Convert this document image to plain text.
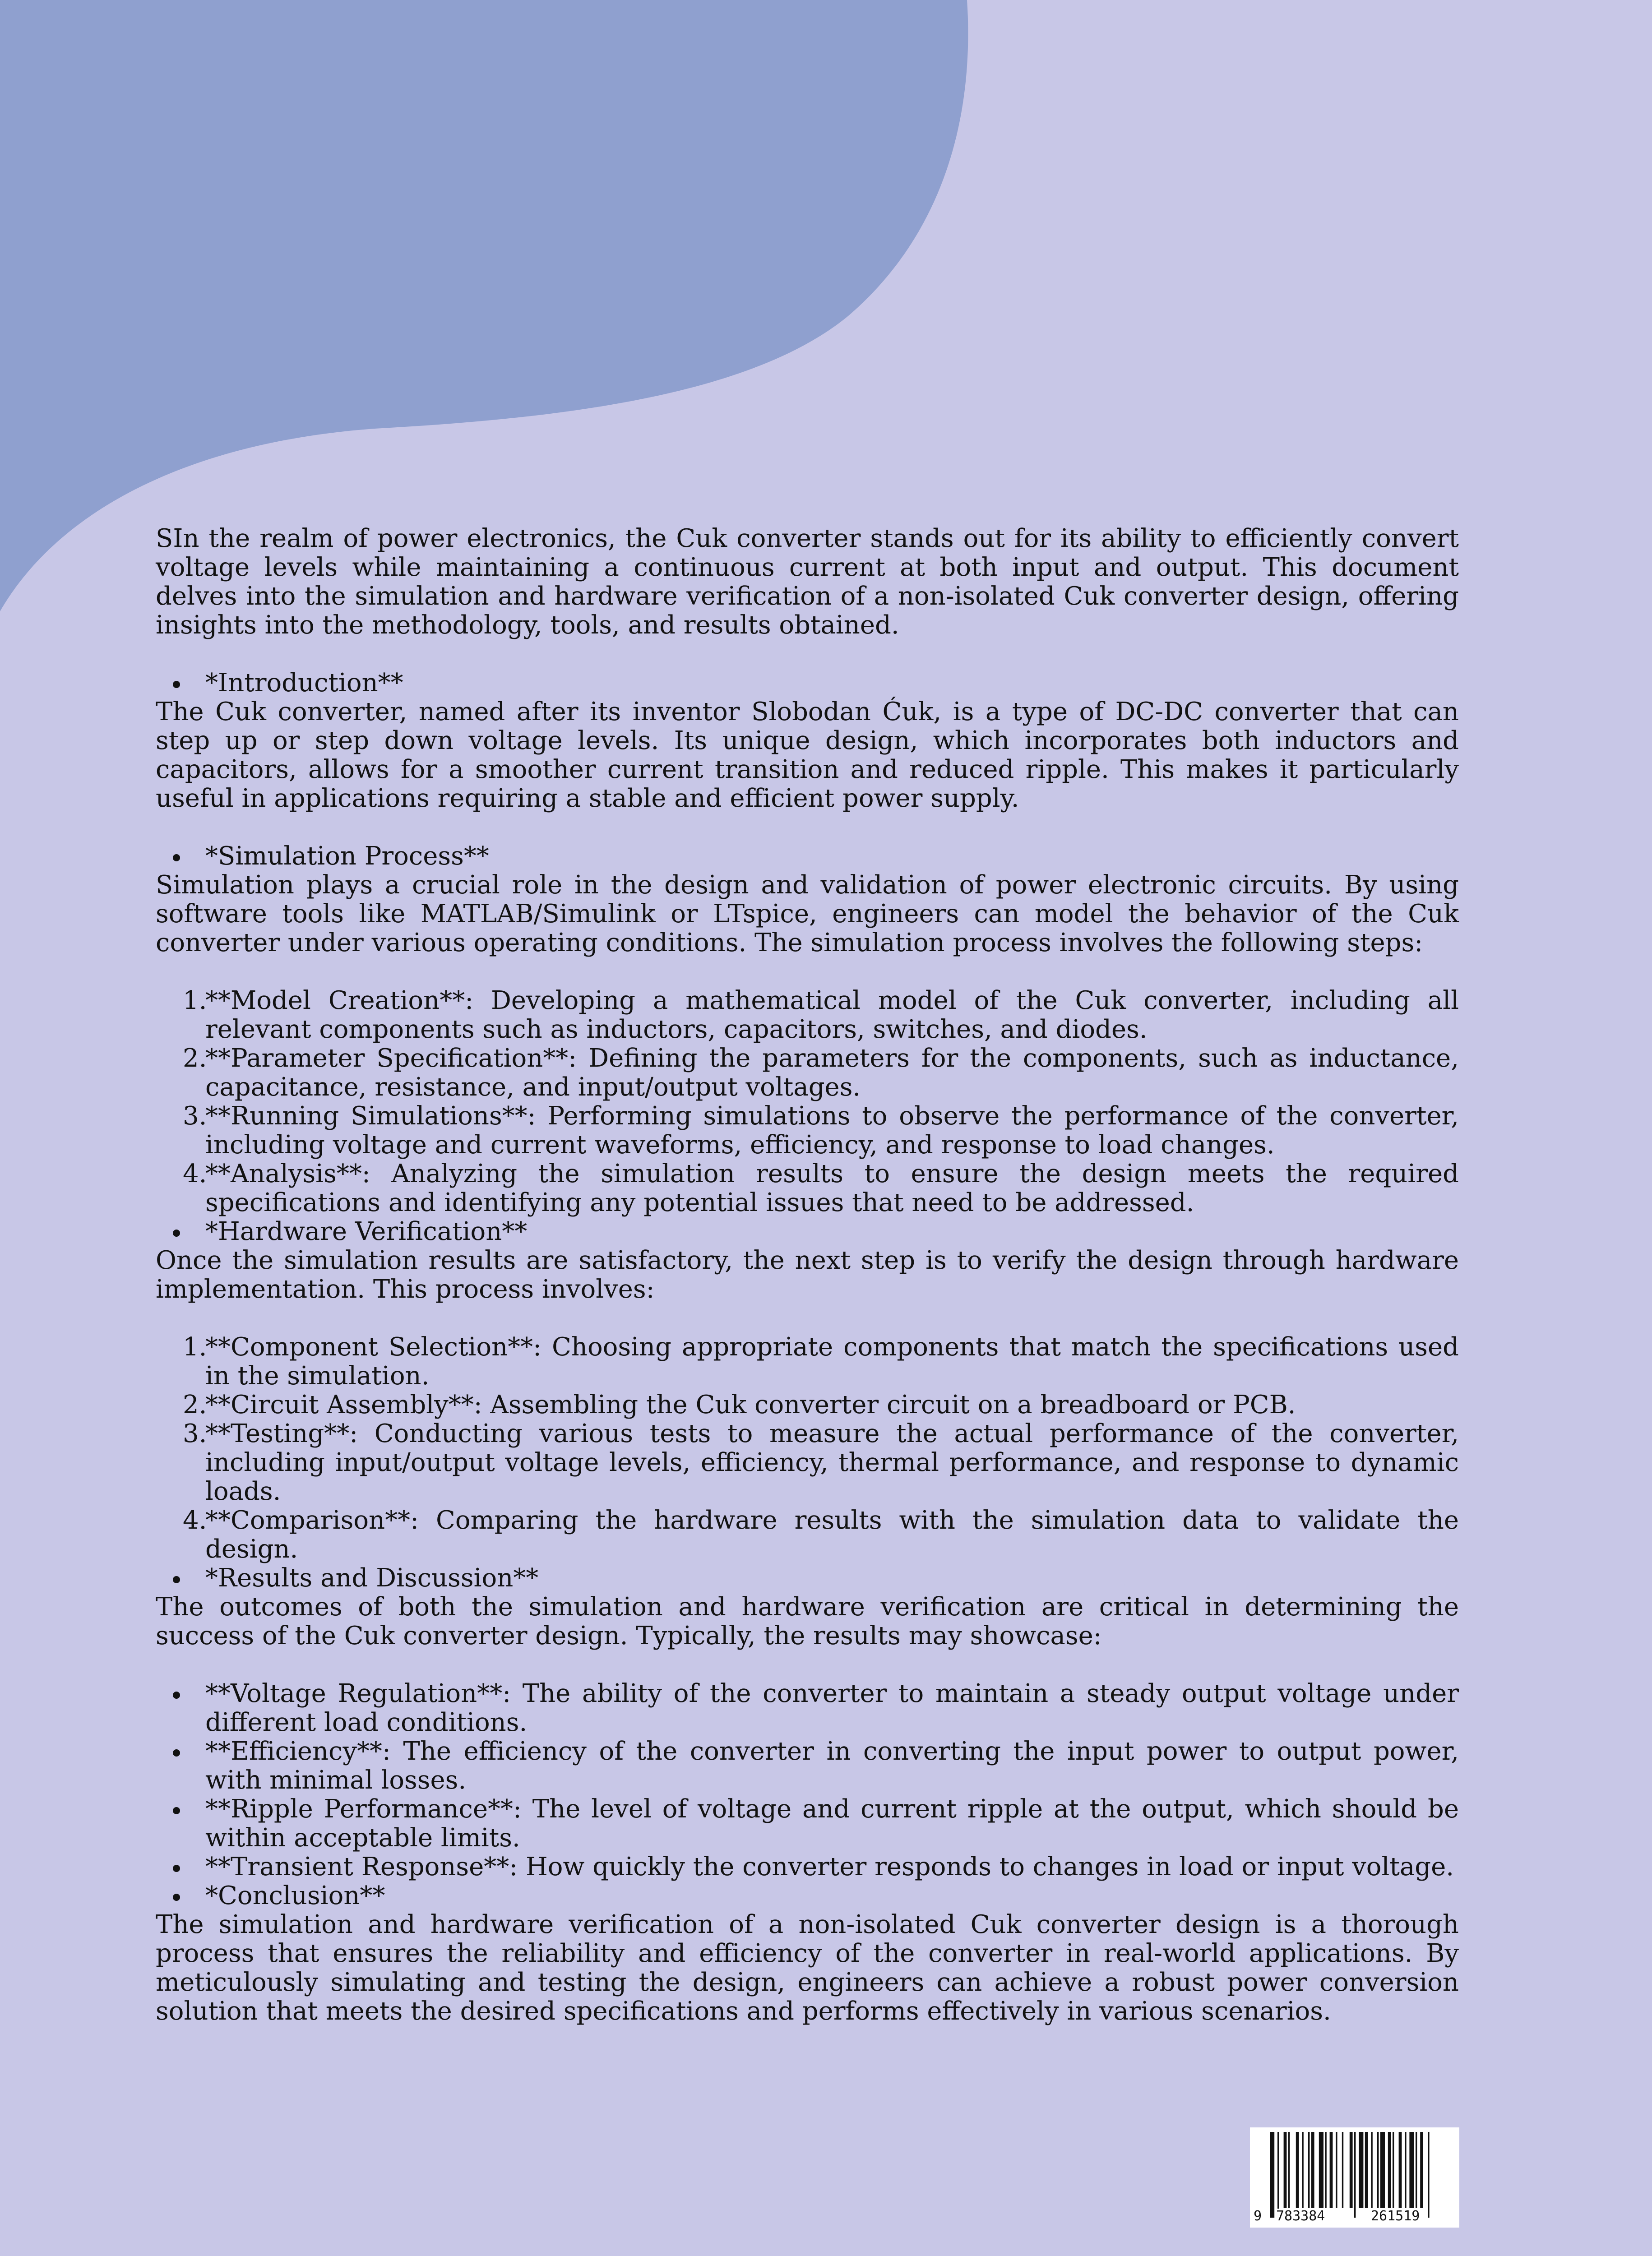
SIn the realm of power electronics, the Cuk converter stands out for its ability to efficiently convert voltage levels while maintaining a continuous current at both input and output. This document delves into the simulation and hardware verification of a non-isolated Cuk converter design, offering insights into the methodology, tools, and results obtained.

*Introduction**

The Cuk converter, named after its inventor Slobodan Ćuk, is a type of DC-DC converter that can step up or step down voltage levels. Its unique design, which incorporates both inductors and capacitors, allows for a smoother current transition and reduced ripple. This makes it particularly useful in applications requiring a stable and efficient power supply.

*Simulation Process**

Simulation plays a crucial role in the design and validation of power electronic circuits. By using software tools like MATLAB/Simulink or LTspice, engineers can model the behavior of the Cuk converter under various operating conditions. The simulation process involves the following steps:

1.
**Model Creation**: Developing a mathematical model of the Cuk converter, including all relevant components such as inductors, capacitors, switches, and diodes.
2.
**Parameter Specification**: Defining the parameters for the components, such as inductance, capacitance, resistance, and input/output voltages.
3.
**Running Simulations**: Performing simulations to observe the performance of the converter, including voltage and current waveforms, efficiency, and response to load changes.
4.
**Analysis**: Analyzing the simulation results to ensure the design meets the required specifications and identifying any potential issues that need to be addressed.
*Hardware Verification**

Once the simulation results are satisfactory, the next step is to verify the design through hardware implementation. This process involves:

1.
**Component Selection**: Choosing appropriate components that match the specifications used in the simulation.
2.
**Circuit Assembly**: Assembling the Cuk converter circuit on a breadboard or PCB.
3.
**Testing**: Conducting various tests to measure the actual performance of the converter, including input/output voltage levels, efficiency, thermal performance, and response to dynamic loads.
4.
**Comparison**: Comparing the hardware results with the simulation data to validate the design.
*Results and Discussion**

The outcomes of both the simulation and hardware verification are critical in determining the success of the Cuk converter design. Typically, the results may showcase:

**Voltage Regulation**: The ability of the converter to maintain a steady output voltage under different load conditions.
**Efficiency**: The efficiency of the converter in converting the input power to output power, with minimal losses.
**Ripple Performance**: The level of voltage and current ripple at the output, which should be within acceptable limits.
**Transient Response**: How quickly the converter responds to changes in load or input voltage.
*Conclusion**

The simulation and hardware verification of a non-isolated Cuk converter design is a thorough process that ensures the reliability and efficiency of the converter in real-world applications. By meticulously simulating and testing the design, engineers can achieve a robust power conversion solution that meets the desired specifications and performs effectively in various scenarios.

9 783384	261519
